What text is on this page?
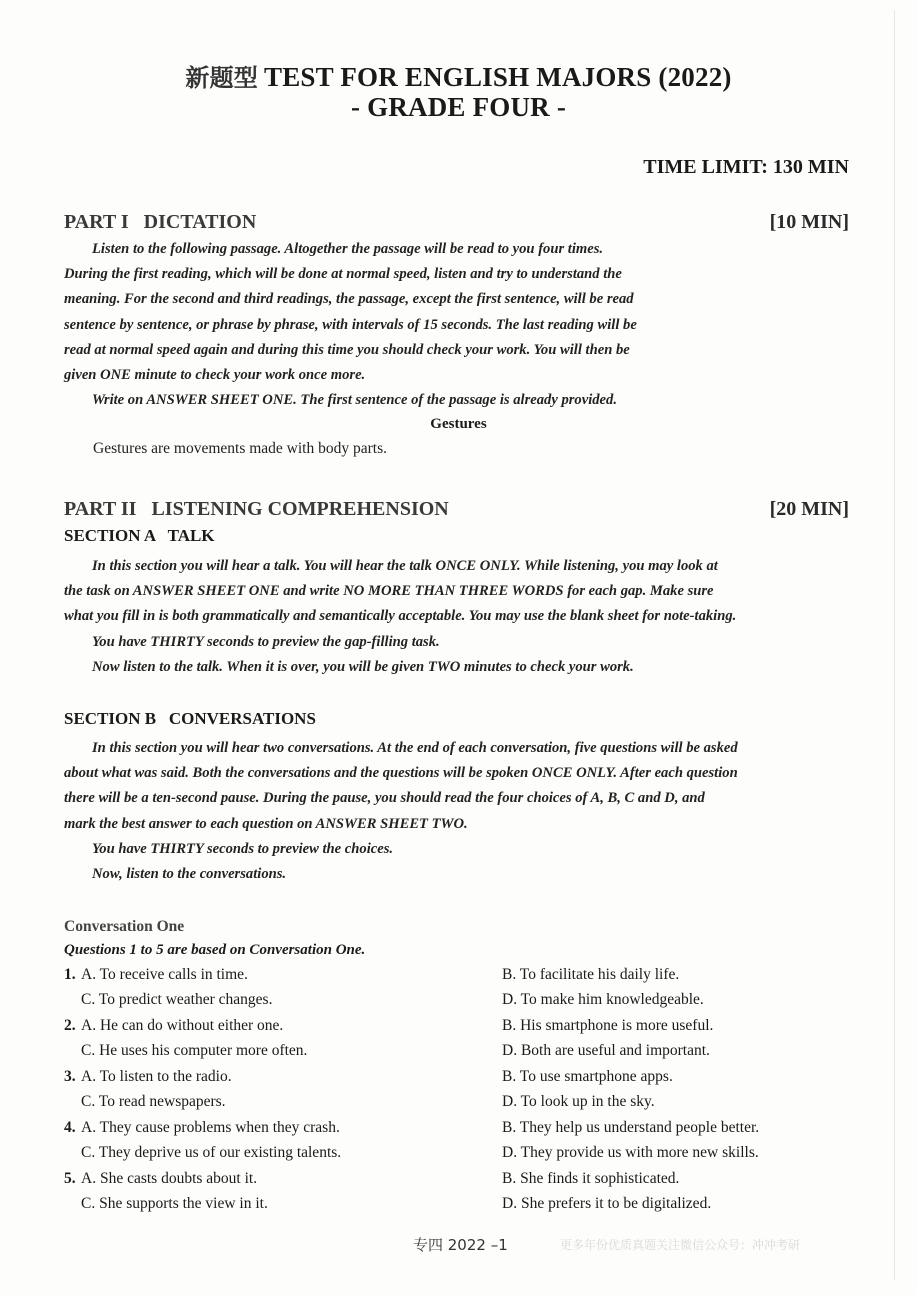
新题型 TEST FOR ENGLISH MAJORS (2022)
- GRADE FOUR -
TIME LIMIT: 130 MIN
PART I   DICTATION	[10 MIN]
Listen to the following passage. Altogether the passage will be read to you four times.
During the first reading, which will be done at normal speed, listen and try to understand the
meaning. For the second and third readings, the passage, except the first sentence, will be read
sentence by sentence, or phrase by phrase, with intervals of 15 seconds. The last reading will be
read at normal speed again and during this time you should check your work. You will then be
given ONE minute to check your work once more.
Write on ANSWER SHEET ONE. The first sentence of the passage is already provided.
Gestures
Gestures are movements made with body parts.
PART II   LISTENING COMPREHENSION	[20 MIN]
SECTION A   TALK
In this section you will hear a talk. You will hear the talk ONCE ONLY. While listening, you may look at
the task on ANSWER SHEET ONE and write NO MORE THAN THREE WORDS for each gap. Make sure
what you fill in is both grammatically and semantically acceptable. You may use the blank sheet for note-taking.
You have THIRTY seconds to preview the gap-filling task.
Now listen to the talk. When it is over, you will be given TWO minutes to check your work.
SECTION B   CONVERSATIONS
In this section you will hear two conversations. At the end of each conversation, five questions will be asked
about what was said. Both the conversations and the questions will be spoken ONCE ONLY. After each question
there will be a ten-second pause. During the pause, you should read the four choices of A, B, C and D, and
mark the best answer to each question on ANSWER SHEET TWO.
You have THIRTY seconds to preview the choices.
Now, listen to the conversations.
Conversation One
Questions 1 to 5 are based on Conversation One.
1. A. To receive calls in time.	B. To facilitate his daily life.
C. To predict weather changes.	D. To make him knowledgeable.
2. A. He can do without either one.	B. His smartphone is more useful.
C. He uses his computer more often.	D. Both are useful and important.
3. A. To listen to the radio.	B. To use smartphone apps.
C. To read newspapers.	D. To look up in the sky.
4. A. They cause problems when they crash.	B. They help us understand people better.
C. They deprive us of our existing talents.	D. They provide us with more new skills.
5. A. She casts doubts about it.	B. She finds it sophisticated.
C. She supports the view in it.	D. She prefers it to be digitalized.
专四 2022 –1	更多年份优质真题关注微信公众号：冲冲考研
